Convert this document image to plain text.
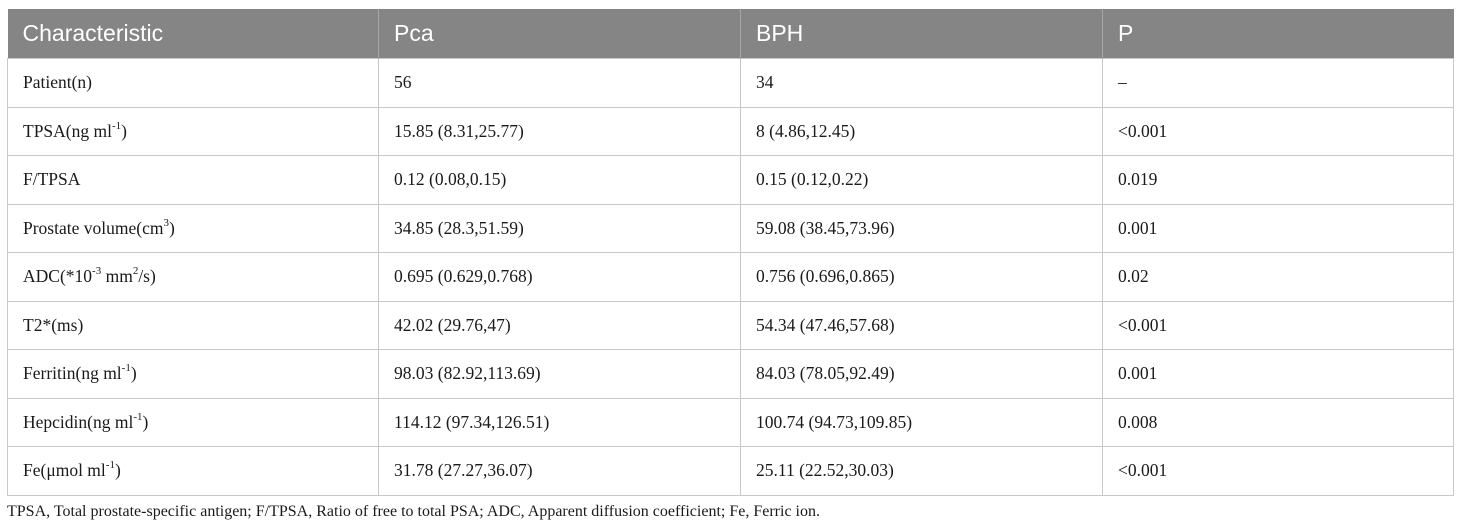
Characteristic	Pca	BPH	P
Patient(n)	56	34	–
TPSA(ng $ml^{-1}$)	15.85 (8.31,25.77)	8 (4.86,12.45)	<0.001
F/TPSA	0.12 (0.08,0.15)	0.15 (0.12,0.22)	0.019
Prostate $volume(cm^3)$	34.85 (28.3,51.59)	59.08 (38.45,73.96)	0.001
$ADC(*10^{-3}$ $mm^2/s$)	0.695 (0.629,0.768)	0.756 (0.696,0.865)	0.02
T2*(ms)	42.02 (29.76,47)	54.34 (47.46,57.68)	<0.001
Ferritin(ng $ml^{-1}$)	98.03 (82.92,113.69)	84.03 (78.05,92.49)	0.001
Hepcidin(ng $ml^{-1}$)	114.12 (97.34,126.51)	100.74 (94.73,109.85)	0.008
Fe(μmol $ml^{-1}$)	31.78 (27.27,36.07)	25.11 (22.52,30.03)	<0.001
TPSA, Total prostate-specific antigen; F/TPSA, Ratio of free to total PSA; ADC, Apparent diffusion coefficient; Fe, Ferric ion.
